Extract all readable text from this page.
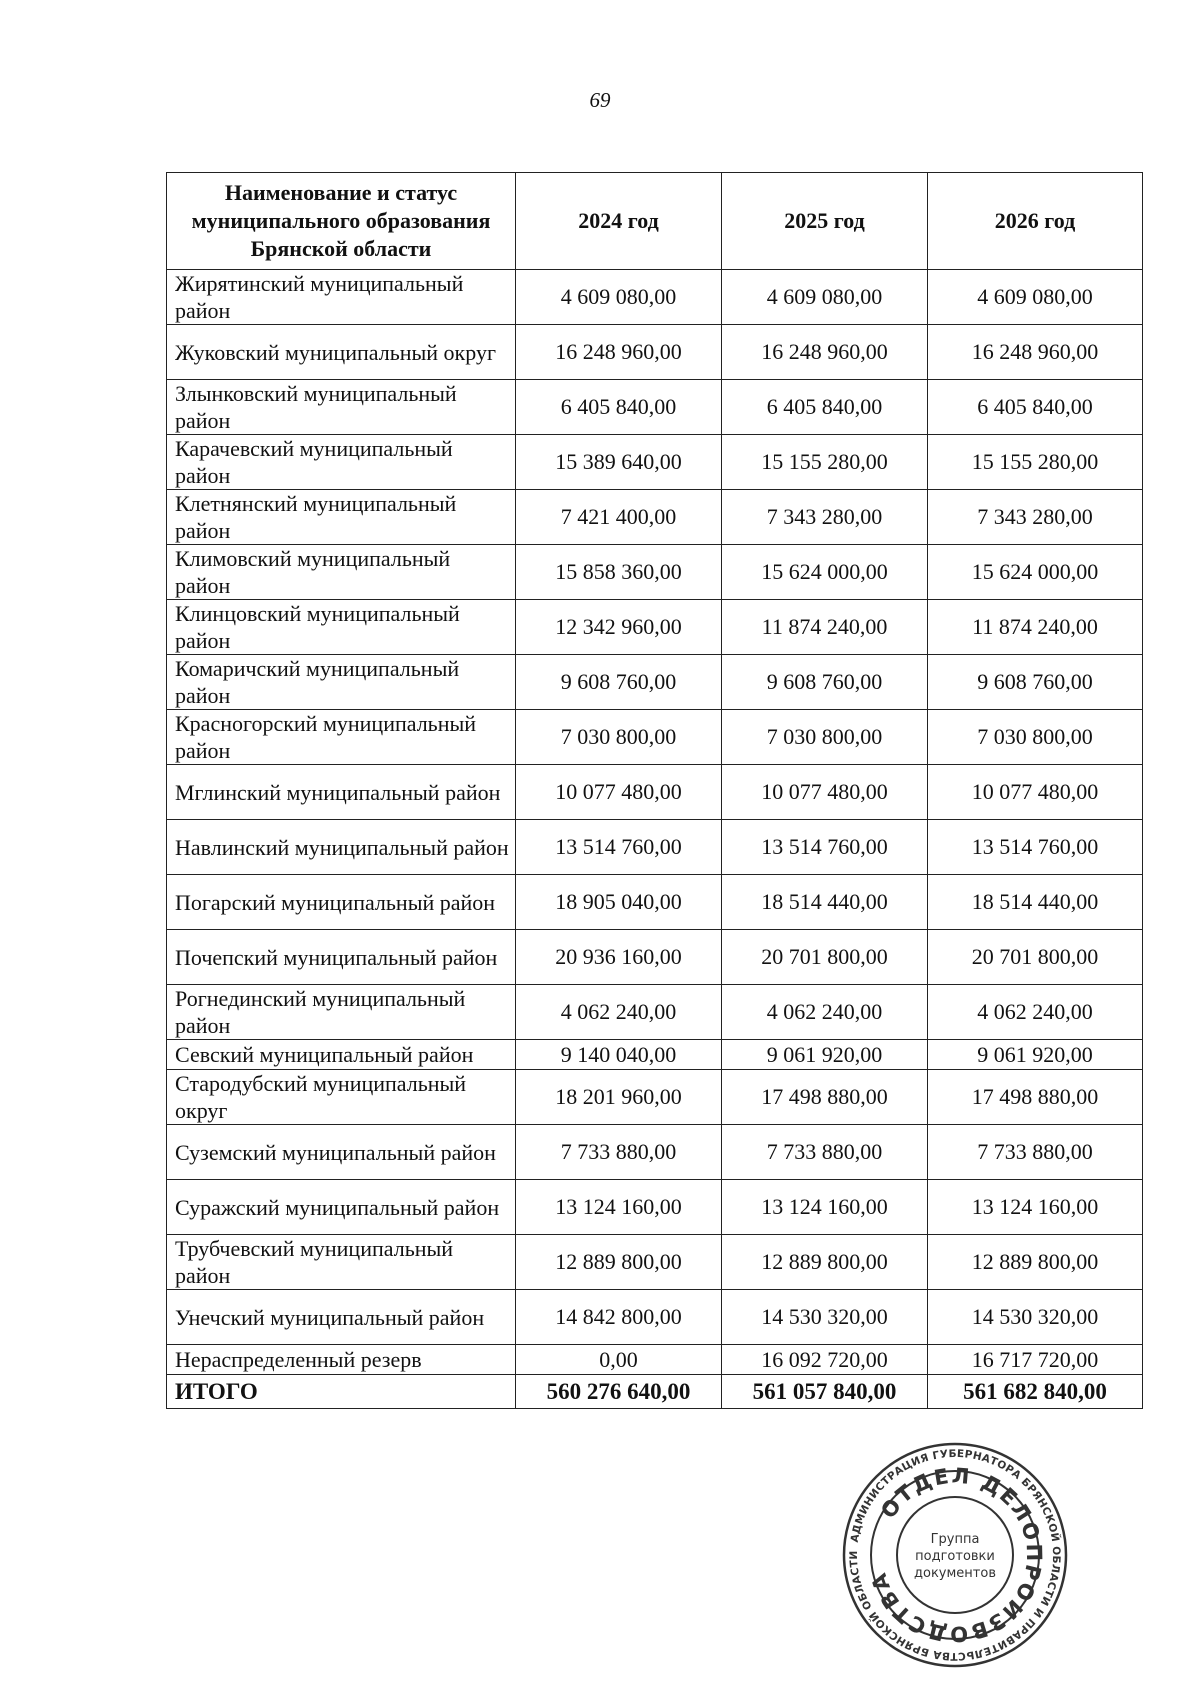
69
Наименование и статус муниципального образования Брянской области	2024 год	2025 год	2026 год
Жирятинский муниципальный район	4 609 080,00	4 609 080,00	4 609 080,00
Жуковский муниципальный округ	16 248 960,00	16 248 960,00	16 248 960,00
Злынковский муниципальный район	6 405 840,00	6 405 840,00	6 405 840,00
Карачевский муниципальный район	15 389 640,00	15 155 280,00	15 155 280,00
Клетнянский муниципальный район	7 421 400,00	7 343 280,00	7 343 280,00
Климовский муниципальный район	15 858 360,00	15 624 000,00	15 624 000,00
Клинцовский муниципальный район	12 342 960,00	11 874 240,00	11 874 240,00
Комаричский муниципальный район	9 608 760,00	9 608 760,00	9 608 760,00
Красногорский муниципальный район	7 030 800,00	7 030 800,00	7 030 800,00
Мглинский муниципальный район	10 077 480,00	10 077 480,00	10 077 480,00
Навлинский муниципальный район	13 514 760,00	13 514 760,00	13 514 760,00
Погарский муниципальный район	18 905 040,00	18 514 440,00	18 514 440,00
Почепский муниципальный район	20 936 160,00	20 701 800,00	20 701 800,00
Рогнединский муниципальный район	4 062 240,00	4 062 240,00	4 062 240,00
Севский муниципальный район	9 140 040,00	9 061 920,00	9 061 920,00
Стародубский муниципальный округ	18 201 960,00	17 498 880,00	17 498 880,00
Суземский муниципальный район	7 733 880,00	7 733 880,00	7 733 880,00
Суражский муниципальный район	13 124 160,00	13 124 160,00	13 124 160,00
Трубчевский муниципальный район	12 889 800,00	12 889 800,00	12 889 800,00
Унечский муниципальный район	14 842 800,00	14 530 320,00	14 530 320,00
Нераспределенный резерв	0,00	16 092 720,00	16 717 720,00
ИТОГО	560 276 640,00	561 057 840,00	561 682 840,00
АДМИНИСТРАЦИЯ ГУБЕРНАТОРА БРЯНСКОЙ ОБЛАСТИ И ПРАВИТЕЛЬСТВА БРЯНСКОЙ ОБЛАСТИ
ОТДЕЛ ДЕЛОПРОИЗВОДСТВА
Группа
подготовки
документов
